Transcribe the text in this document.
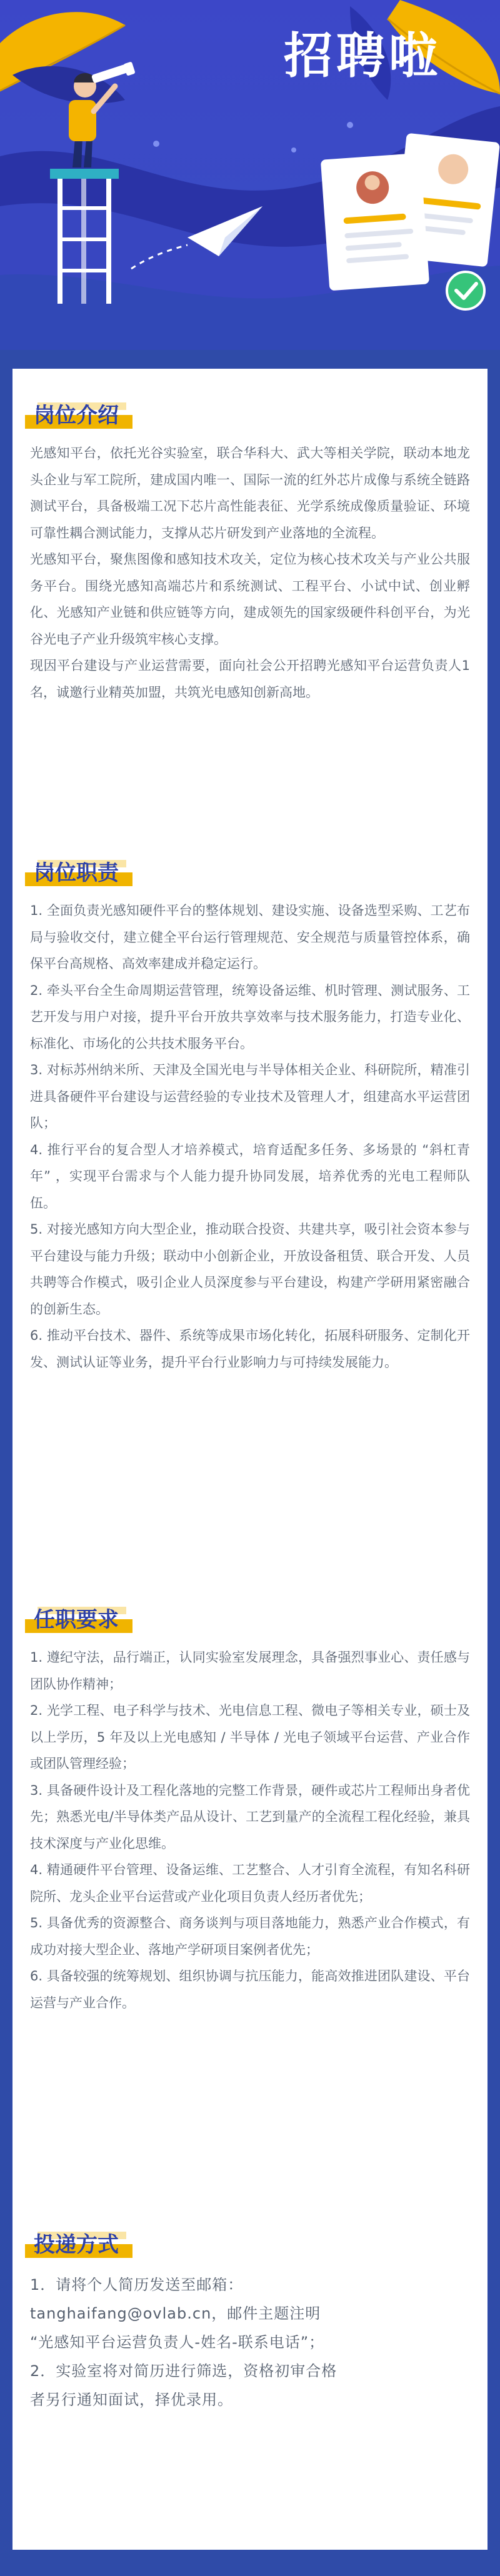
招聘啦
岗位介绍

光感知平台，依托光谷实验室，联合华科大、武大等相关学院，联动本地龙头企业与军工院所，建成国内唯一、国际一流的红外芯片成像与系统全链路测试平台，具备极端工况下芯片高性能表征、光学系统成像质量验证、环境可靠性耦合测试能力，支撑从芯片研发到产业落地的全流程。

光感知平台，聚焦图像和感知技术攻关，定位为核心技术攻关与产业公共服务平台。围绕光感知高端芯片和系统测试、工程平台、小试中试、创业孵化、光感知产业链和供应链等方向，建成领先的国家级硬件科创平台，为光谷光电子产业升级筑牢核心支撑。

现因平台建设与产业运营需要，面向社会公开招聘光感知平台运营负责人1名，诚邀行业精英加盟，共筑光电感知创新高地。

岗位职责

1. 全面负责光感知硬件平台的整体规划、建设实施、设备选型采购、工艺布局与验收交付，建立健全平台运行管理规范、安全规范与质量管控体系，确保平台高规格、高效率建成并稳定运行。

2. 牵头平台全生命周期运营管理，统筹设备运维、机时管理、测试服务、工艺开发与用户对接，提升平台开放共享效率与技术服务能力，打造专业化、标准化、市场化的公共技术服务平台。

3. 对标苏州纳米所、天津及全国光电与半导体相关企业、科研院所，精准引进具备硬件平台建设与运营经验的专业技术及管理人才，组建高水平运营团队；

4. 推行平台的复合型人才培养模式，培育适配多任务、多场景的 “斜杠青年” ，实现平台需求与个人能力提升协同发展，培养优秀的光电工程师队伍。

5. 对接光感知方向大型企业，推动联合投资、共建共享，吸引社会资本参与平台建设与能力升级；联动中小创新企业，开放设备租赁、联合开发、人员共聘等合作模式，吸引企业人员深度参与平台建设，构建产学研用紧密融合的创新生态。

6. 推动平台技术、器件、系统等成果市场化转化，拓展科研服务、定制化开发、测试认证等业务，提升平台行业影响力与可持续发展能力。

任职要求

1. 遵纪守法，品行端正，认同实验室发展理念，具备强烈事业心、责任感与团队协作精神；

2. 光学工程、电子科学与技术、光电信息工程、微电子等相关专业，硕士及以上学历，5 年及以上光电感知 / 半导体 / 光电子领域平台运营、产业合作或团队管理经验；

3. 具备硬件设计及工程化落地的完整工作背景，硬件或芯片工程师出身者优先；熟悉光电/半导体类产品从设计、工艺到量产的全流程工程化经验，兼具技术深度与产业化思维。

4. 精通硬件平台管理、设备运维、工艺整合、人才引育全流程，有知名科研院所、龙头企业平台运营或产业化项目负责人经历者优先；

5. 具备优秀的资源整合、商务谈判与项目落地能力，熟悉产业合作模式，有成功对接大型企业、落地产学研项目案例者优先；

6. 具备较强的统筹规划、组织协调与抗压能力，能高效推进团队建设、平台运营与产业合作。

投递方式

1．请将个人简历发送至邮箱：

tanghaifang@ovlab.cn，邮件主题注明

“光感知平台运营负责人-姓名-联系电话”；

2．实验室将对简历进行筛选，资格初审合格

者另行通知面试，择优录用。
